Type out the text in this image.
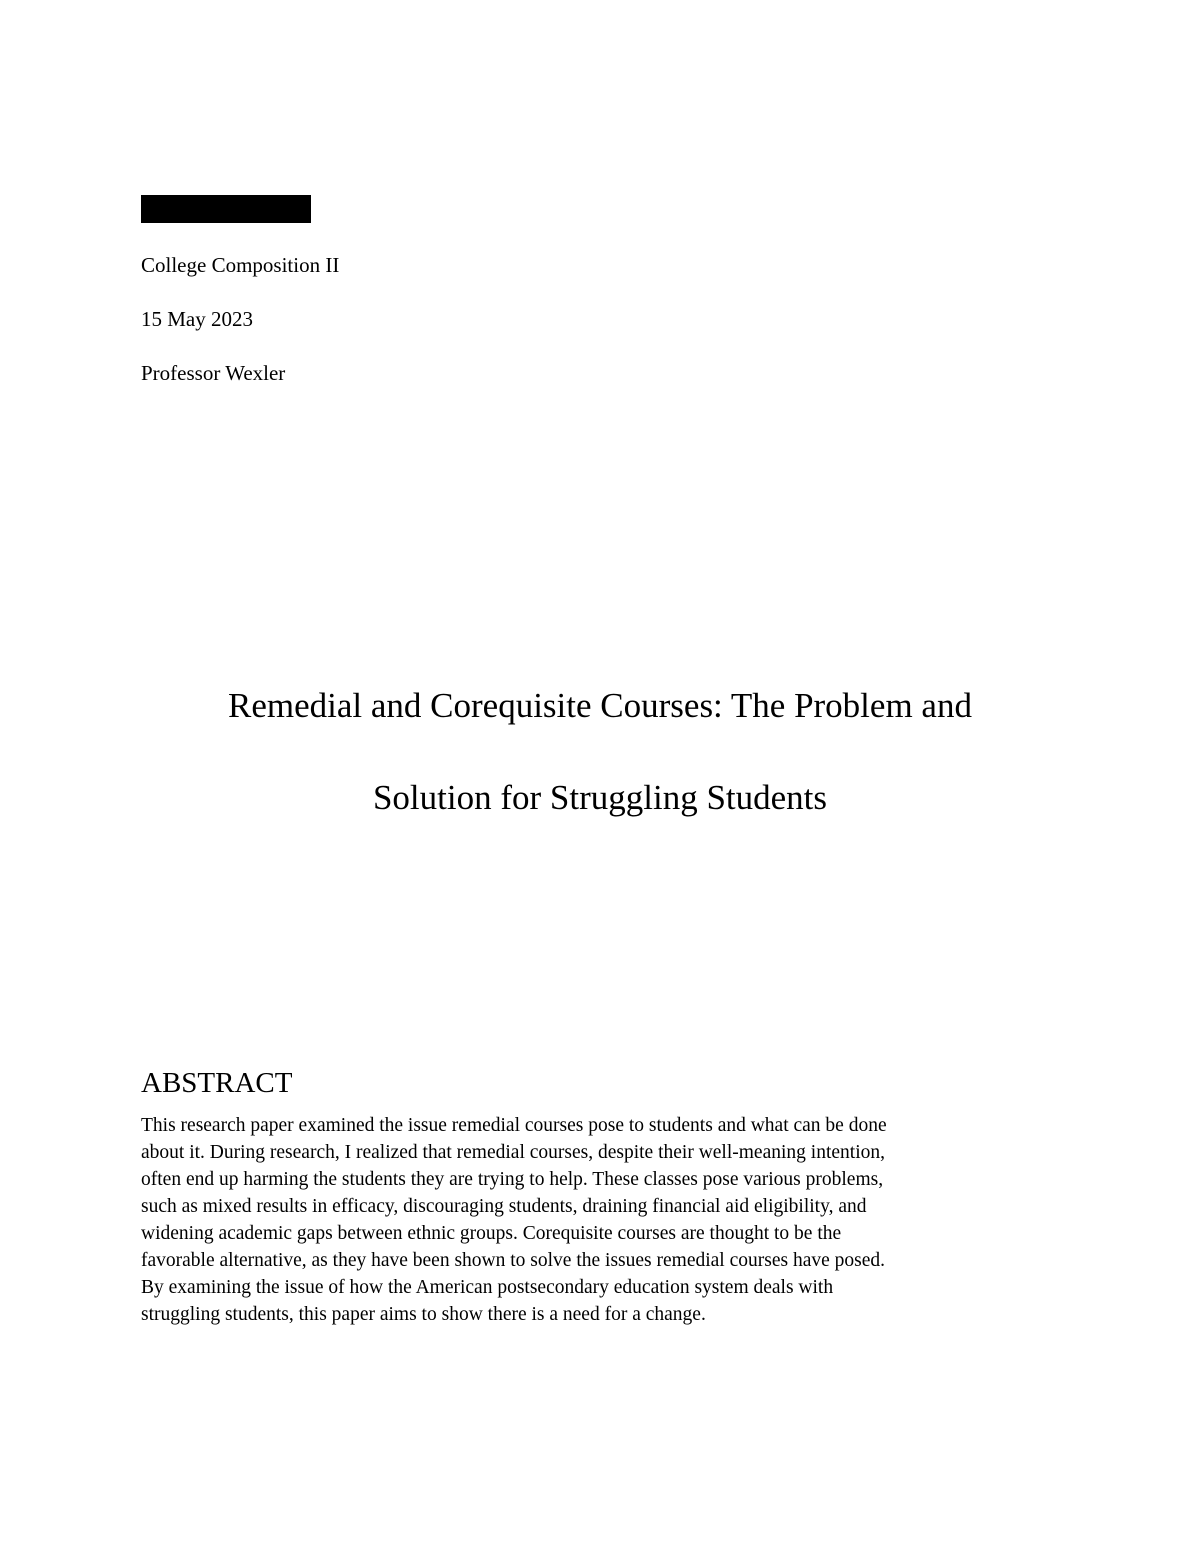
College Composition II
15 May 2023
Professor Wexler
Remedial and Corequisite Courses: The Problem and
Solution for Struggling Students
ABSTRACT
This research paper examined the issue remedial courses pose to students and what can be done
about it. During research, I realized that remedial courses, despite their well-meaning intention,
often end up harming the students they are trying to help. These classes pose various problems,
such as mixed results in efficacy, discouraging students, draining financial aid eligibility, and
widening academic gaps between ethnic groups. Corequisite courses are thought to be the
favorable alternative, as they have been shown to solve the issues remedial courses have posed.
By examining the issue of how the American postsecondary education system deals with
struggling students, this paper aims to show there is a need for a change.
